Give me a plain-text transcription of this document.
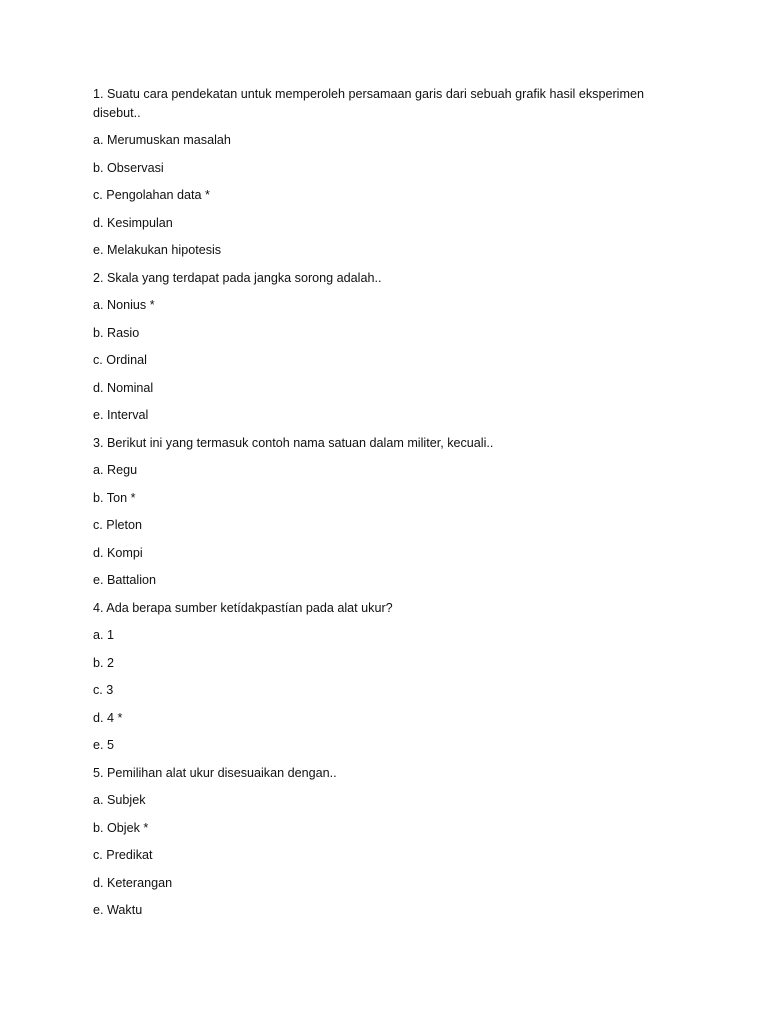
1. Suatu cara pendekatan untuk memperoleh persamaan garis dari sebuah grafik hasil eksperimen disebut..

a. Merumuskan masalah

b. Observasi

c. Pengolahan data *

d. Kesimpulan

e. Melakukan hipotesis

2. Skala yang terdapat pada jangka sorong adalah..

a. Nonius *

b. Rasio

c. Ordinal

d. Nominal

e. Interval

3. Berikut ini yang termasuk contoh nama satuan dalam militer, kecuali..

a. Regu

b. Ton *

c. Pleton

d. Kompi

e. Battalion

4. Ada berapa sumber ketídakpastían pada alat ukur?

a. 1

b. 2

c. 3

d. 4 *

e. 5

5. Pemilihan alat ukur disesuaikan dengan..

a. Subjek

b. Objek *

c. Predikat

d. Keterangan

e. Waktu
